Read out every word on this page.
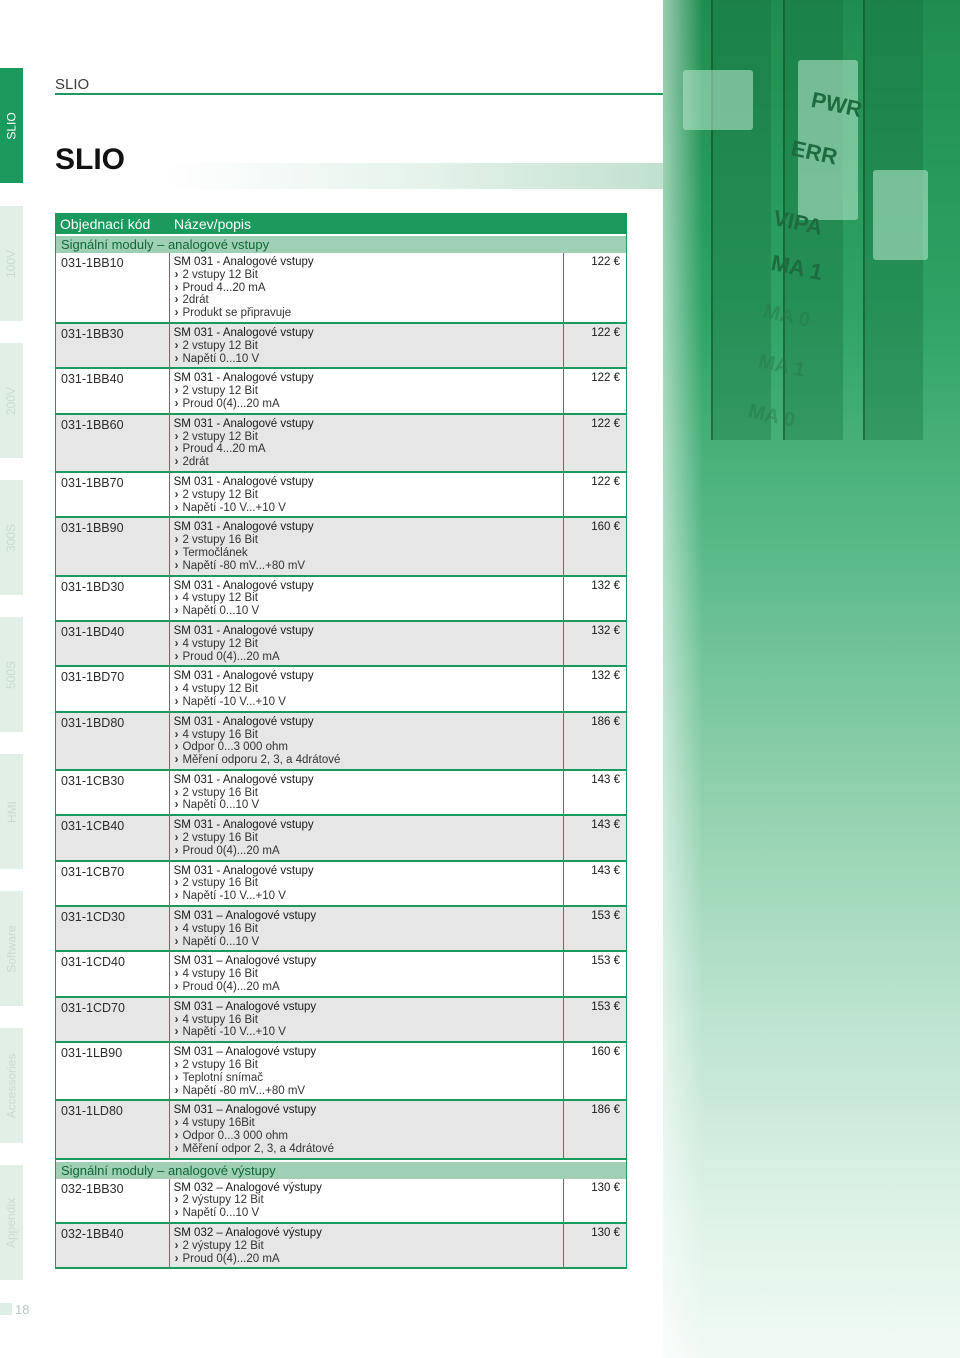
SLIO
100V
200V
300S
500S
HMI
Software
Accessories
Appendix
18
SLIO
SLIO
PWR
ERR
VIPA
MA 1
MA 0
MA 1
MA 0
Objednací kód	Název/popis
Signální moduly – analogové vstupy
031-1BB10	SM 031 - Analogové vstupy
› 2 vstupy 12 Bit
› Proud 4...20 mA
› 2drát
› Produkt se připravuje
122 €
031-1BB30	SM 031 - Analogové vstupy
› 2 vstupy 12 Bit
› Napětí 0...10 V
122 €
031-1BB40	SM 031 - Analogové vstupy
› 2 vstupy 12 Bit
› Proud 0(4)...20 mA
122 €
031-1BB60	SM 031 - Analogové vstupy
› 2 vstupy 12 Bit
› Proud 4...20 mA
› 2drát
122 €
031-1BB70	SM 031 - Analogové vstupy
› 2 vstupy 12 Bit
› Napětí -10 V...+10 V
122 €
031-1BB90	SM 031 - Analogové vstupy
› 2 vstupy 16 Bit
› Termočlánek
› Napětí -80 mV...+80 mV
160 €
031-1BD30	SM 031 - Analogové vstupy
› 4 vstupy 12 Bit
› Napětí 0...10 V
132 €
031-1BD40	SM 031 - Analogové vstupy
› 4 vstupy 12 Bit
› Proud 0(4)...20 mA
132 €
031-1BD70	SM 031 - Analogové vstupy
› 4 vstupy 12 Bit
› Napětí -10 V...+10 V
132 €
031-1BD80	SM 031 - Analogové vstupy
› 4 vstupy 16 Bit
› Odpor 0...3 000 ohm
› Měření odporu 2, 3, a 4drátové
186 €
031-1CB30	SM 031 - Analogové vstupy
› 2 vstupy 16 Bit
› Napětí 0...10 V
143 €
031-1CB40	SM 031 - Analogové vstupy
› 2 vstupy 16 Bit
› Proud 0(4)...20 mA
143 €
031-1CB70	SM 031 - Analogové vstupy
› 2 vstupy 16 Bit
› Napětí -10 V...+10 V
143 €
031-1CD30	SM 031 – Analogové vstupy
› 4 vstupy 16 Bit
› Napětí 0...10 V
153 €
031-1CD40	SM 031 – Analogové vstupy
› 4 vstupy 16 Bit
› Proud 0(4)...20 mA
153 €
031-1CD70	SM 031 – Analogové vstupy
› 4 vstupy 16 Bit
› Napětí -10 V...+10 V
153 €
031-1LB90	SM 031 – Analogové vstupy
› 2 vstupy 16 Bit
› Teplotní snímač
› Napětí -80 mV...+80 mV
160 €
031-1LD80	SM 031 – Analogové vstupy
› 4 vstupy 16Bit
› Odpor 0...3 000 ohm
› Měření odpor 2, 3, a 4drátové
186 €
Signální moduly – analogové výstupy
032-1BB30	SM 032 – Analogové výstupy
› 2 výstupy 12 Bit
› Napětí 0...10 V
130 €
032-1BB40	SM 032 – Analogové výstupy
› 2 výstupy 12 Bit
› Proud 0(4)...20 mA
130 €
